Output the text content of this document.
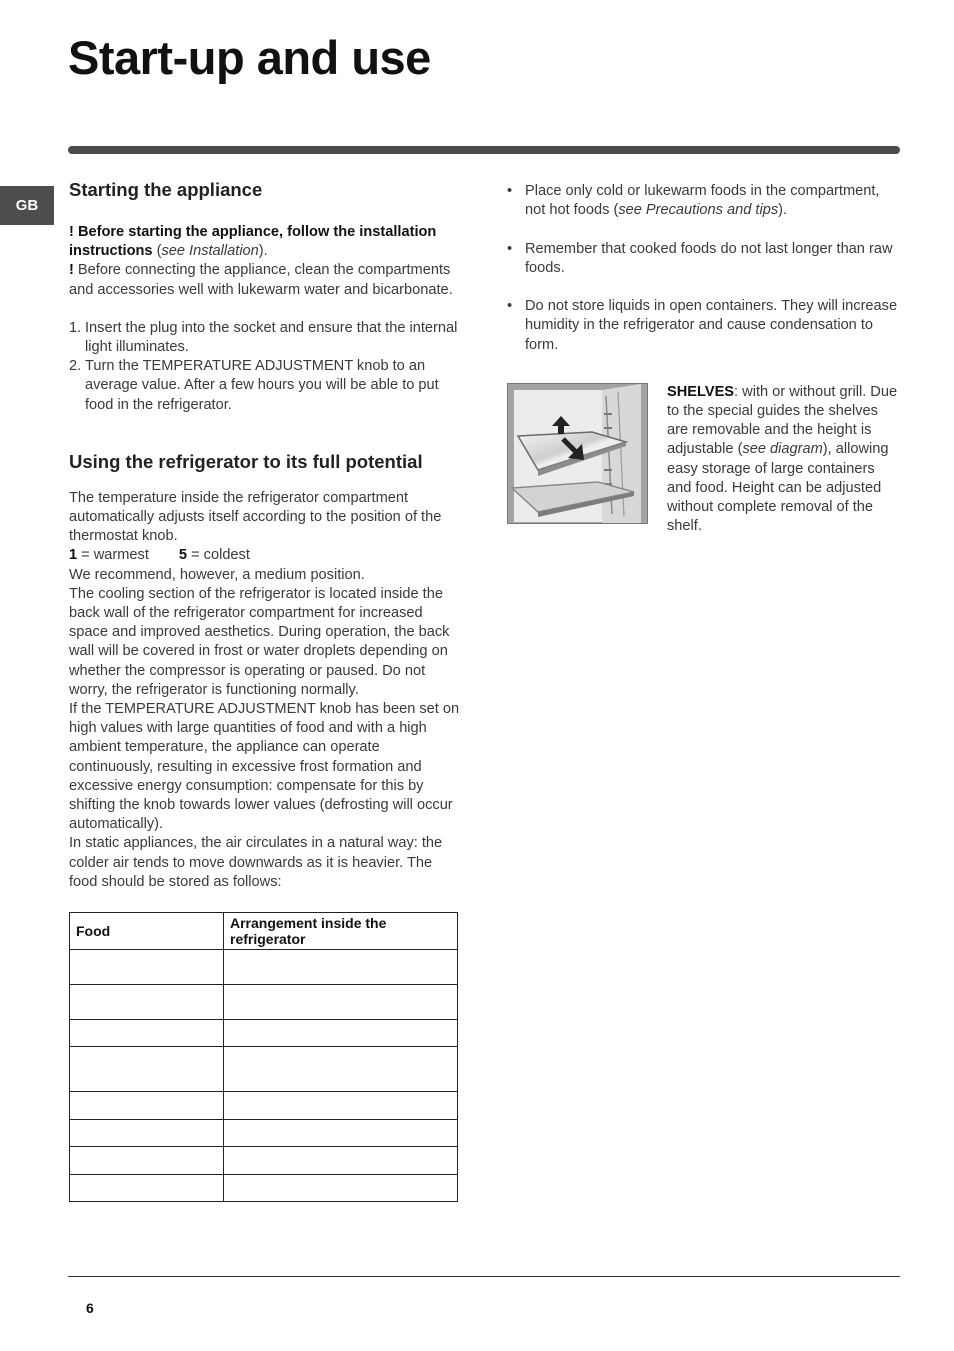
Start-up and use
GB
Starting the appliance

! Before starting the appliance, follow the installation instructions (see Installation).

! Before connecting the appliance, clean the compartments and accessories well with lukewarm water and bicarbonate.

1. Insert the plug into the socket and ensure that the internal light illuminates.
2. Turn the TEMPERATURE ADJUSTMENT knob to an average value. After a few hours you will be able to put food in the refrigerator.
Using the refrigerator to its full potential

The temperature inside the refrigerator compartment automatically adjusts itself according to the position of the thermostat knob.

1 = warmest 5 = coldest

We recommend, however, a medium position.

The cooling section of the refrigerator is located inside the back wall of the refrigerator compartment for increased space and improved aesthetics. During operation, the back wall will be covered in frost or water droplets depending on whether the compressor is operating or paused. Do not worry, the refrigerator is functioning normally.

If the TEMPERATURE ADJUSTMENT knob has been set on high values with large quantities of food and with a high ambient temperature, the appliance can operate continuously, resulting in excessive frost formation and excessive energy consumption: compensate for this by shifting the knob towards lower values (defrosting will occur automatically).

In static appliances, the air circulates in a natural way: the colder air tends to move downwards as it is heavier. The food should be stored as follows:

Food	Arrangement inside the refrigerator

• Place only cold or lukewarm foods in the compartment, not hot foods (see Precautions and tips).
• Remember that cooked foods do not last longer than raw foods.
• Do not store liquids in open containers. They will increase humidity in the refrigerator and cause condensation to form.

SHELVES: with or without grill. Due to the special guides the shelves are removable and the height is adjustable (see diagram), allowing easy storage of large containers and food. Height can be adjusted without complete removal of the shelf.

6
